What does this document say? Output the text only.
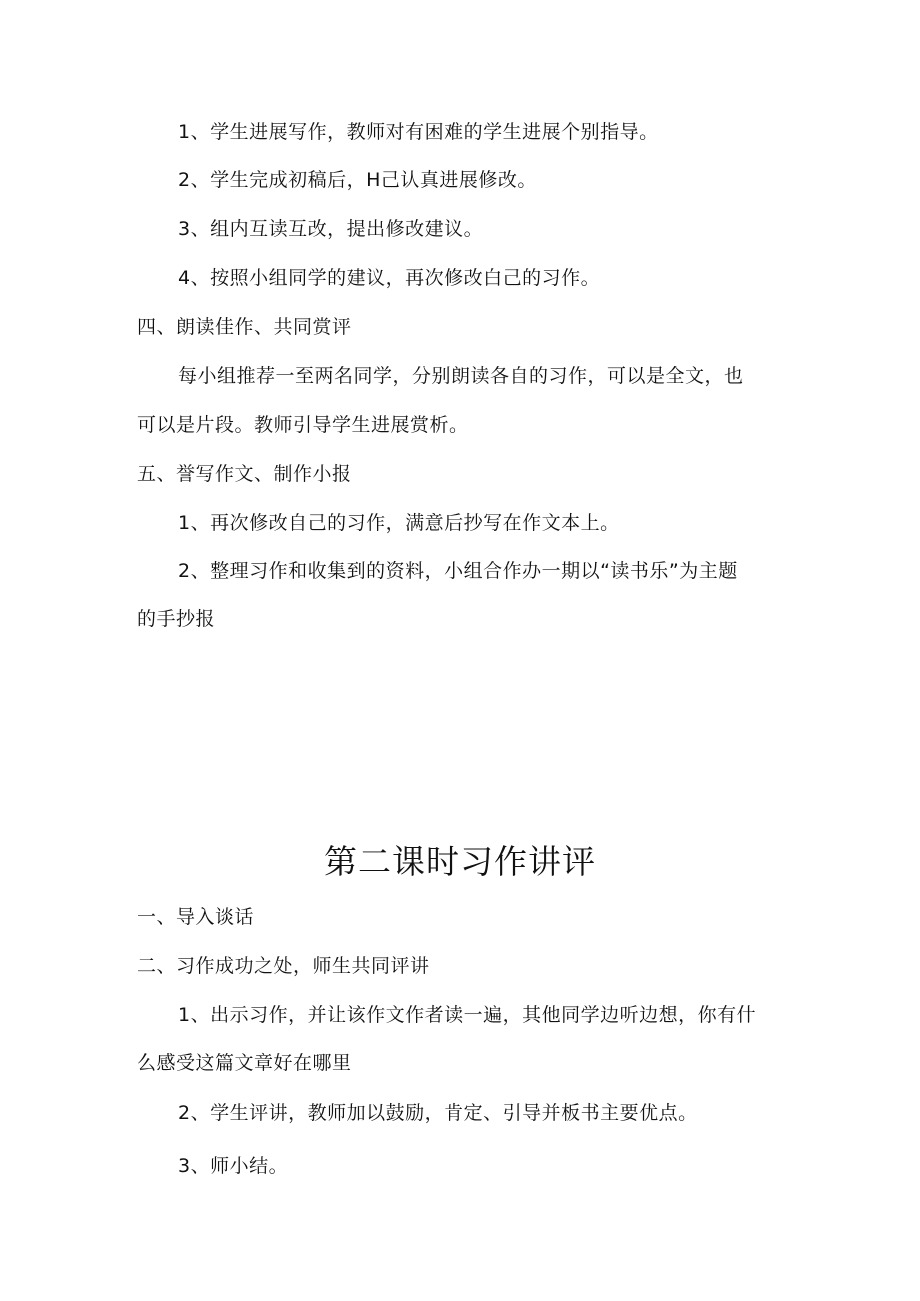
1、学生进展写作，教师对有困难的学生进展个别指导。
2、学生完成初稿后，H己认真进展修改。
3、组内互读互改，提出修改建议。
4、按照小组同学的建议，再次修改白己的习作。
四、朗读佳作、共同赏评
每小组推荐一至两名同学，分别朗读各自的习作，可以是全文，也
可以是片段。教师引导学生进展赏析。
五、誉写作文、制作小报
1、再次修改自己的习作，满意后抄写在作文本上。
2、整理习作和收集到的资料，小组合作办一期以“读书乐”为主题
的手抄报
第二课时习作讲评
一、导入谈话
二、习作成功之处，师生共同评讲
1、出示习作，并让该作文作者读一遍，其他同学边听边想，你有什
么感受这篇文章好在哪里
2、学生评讲，教师加以鼓励，肯定、引导并板书主要优点。
3、师小结。
